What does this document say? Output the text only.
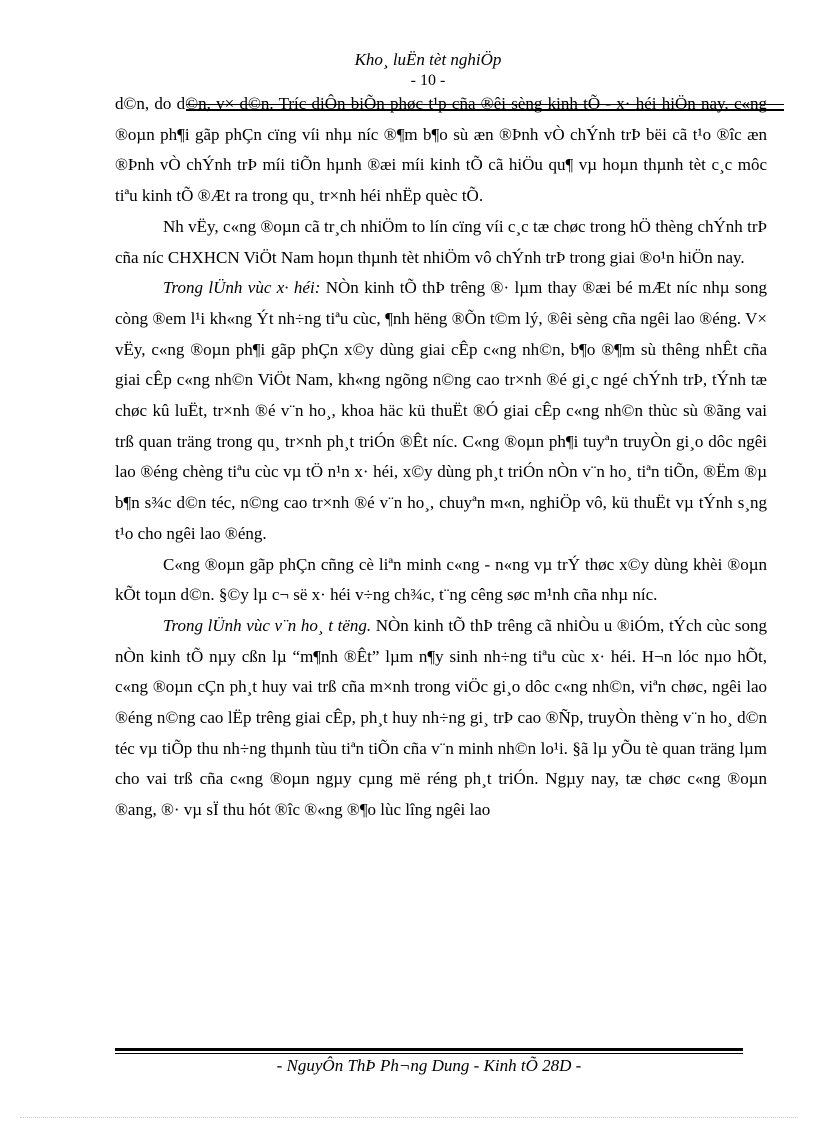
Kho¸ luËn tèt nghiÖp
- 10 -

d©n, do d©n, v× d©n. Tríc diÔn biÕn phøc t¹p cña ®êi sèng kinh tÕ - x· héi hiÖn nay, c«ng ®oµn ph¶i gãp phÇn cïng víi nhµ níc ®¶m b¶o sù æn ®Þnh vÒ chÝnh trÞ bëi cã t¹o ®îc æn ®Þnh vÒ chÝnh trÞ míi tiÕn hµnh ®æi míi kinh tÕ cã hiÖu qu¶ vµ hoµn thµnh tèt c¸c môc tiªu kinh tÕ ®Æt ra trong qu¸ tr×nh héi nhËp quèc tÕ.

Nh vËy, c«ng ®oµn cã tr¸ch nhiÖm to lín cïng víi c¸c tæ chøc trong hÖ thèng chÝnh trÞ cña níc CHXHCN ViÖt Nam hoµn thµnh tèt nhiÖm vô chÝnh trÞ trong giai ®o¹n hiÖn nay.

Trong lÜnh vùc x· héi: NÒn kinh tÕ thÞ trêng ®· lµm thay ®æi bé mÆt níc nhµ song còng ®em l¹i kh«ng Ýt nh÷ng tiªu cùc, ¶nh hëng ®Õn t©m lý, ®êi sèng cña ngêi lao ®éng. V× vËy, c«ng ®oµn ph¶i gãp phÇn x©y dùng giai cÊp c«ng nh©n, b¶o ®¶m sù thêng nhÊt cña giai cÊp c«ng nh©n ViÖt Nam, kh«ng ngõng n©ng cao tr×nh ®é gi¸c ngé chÝnh trÞ, tÝnh tæ chøc kû luËt, tr×nh ®é v¨n ho¸, khoa häc kü thuËt ®Ó giai cÊp c«ng nh©n thùc sù ®ãng vai trß quan träng trong qu¸ tr×nh ph¸t triÓn ®Êt níc. C«ng ®oµn ph¶i tuyªn truyÒn gi¸o dôc ngêi lao ®éng chèng tiªu cùc vµ tÖ n¹n x· héi, x©y dùng ph¸t triÓn nÒn v¨n ho¸ tiªn tiÕn, ®Ëm ®µ b¶n s¾c d©n téc, n©ng cao tr×nh ®é v¨n ho¸, chuyªn m«n, nghiÖp vô, kü thuËt vµ tÝnh s¸ng t¹o cho ngêi lao ®éng.

C«ng ®oµn gãp phÇn cñng cè liªn minh c«ng - n«ng vµ trÝ thøc x©y dùng khèi ®oµn kÕt toµn d©n. §©y lµ c¬ së x· héi v÷ng ch¾c, t¨ng cêng søc m¹nh cña nhµ níc.

Trong lÜnh vùc v¨n ho¸ t tëng. NÒn kinh tÕ thÞ trêng cã nhiÒu u ®iÓm, tÝch cùc song nÒn kinh tÕ nµy cßn lµ “m¶nh ®Êt” lµm n¶y sinh nh÷ng tiªu cùc x· héi. H¬n lóc nµo hÕt, c«ng ®oµn cÇn ph¸t huy vai trß cña m×nh trong viÖc gi¸o dôc c«ng nh©n, viªn chøc, ngêi lao ®éng n©ng cao lËp trêng giai cÊp, ph¸t huy nh÷ng gi¸ trÞ cao ®Ñp, truyÒn thèng v¨n ho¸ d©n téc vµ tiÕp thu nh÷ng thµnh tùu tiªn tiÕn cña v¨n minh nh©n lo¹i. §ã lµ yÕu tè quan träng lµm cho vai trß cña c«ng ®oµn ngµy cµng më réng ph¸t triÓn. Ngµy nay, tæ chøc c«ng ®oµn ®ang, ®· vµ sÏ thu hót ®îc ®«ng ®¶o lùc lîng ngêi lao

- NguyÔn ThÞ Ph¬ng Dung - Kinh tÕ 28D -
